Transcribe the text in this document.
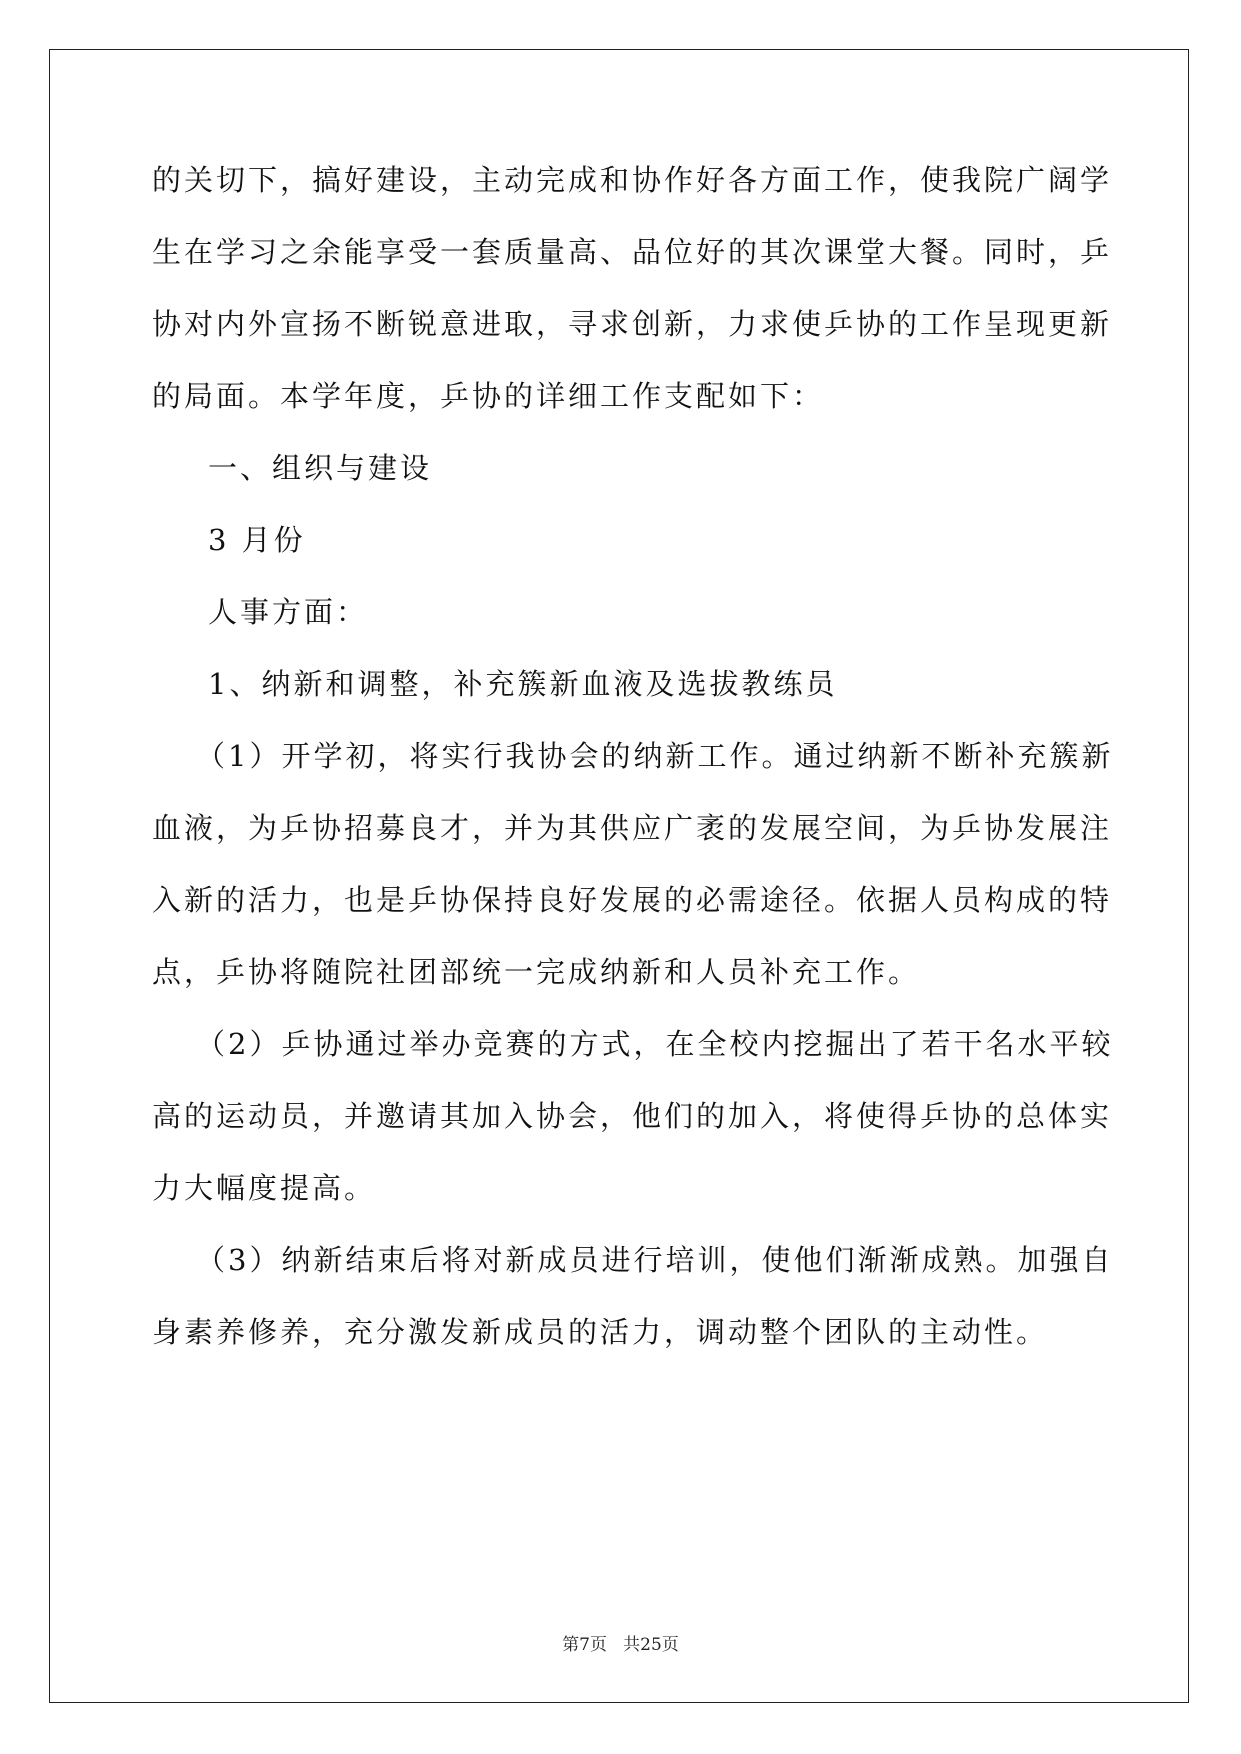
的关切下，搞好建设，主动完成和协作好各方面工作，使我院广阔学
生在学习之余能享受一套质量高、品位好的其次课堂大餐。同时，乒
协对内外宣扬不断锐意进取，寻求创新，力求使乒协的工作呈现更新
的局面。本学年度，乒协的详细工作支配如下：
一、组织与建设
3 月份
人事方面：
1、纳新和调整，补充簇新血液及选拔教练员
（1）开学初，将实行我协会的纳新工作。通过纳新不断补充簇新
血液，为乒协招募良才，并为其供应广袤的发展空间，为乒协发展注
入新的活力，也是乒协保持良好发展的必需途径。依据人员构成的特
点，乒协将随院社团部统一完成纳新和人员补充工作。
（2）乒协通过举办竞赛的方式，在全校内挖掘出了若干名水平较
高的运动员，并邀请其加入协会，他们的加入，将使得乒协的总体实
力大幅度提高。
（3）纳新结束后将对新成员进行培训，使他们渐渐成熟。加强自
身素养修养，充分激发新成员的活力，调动整个团队的主动性。
第7页   共25页
